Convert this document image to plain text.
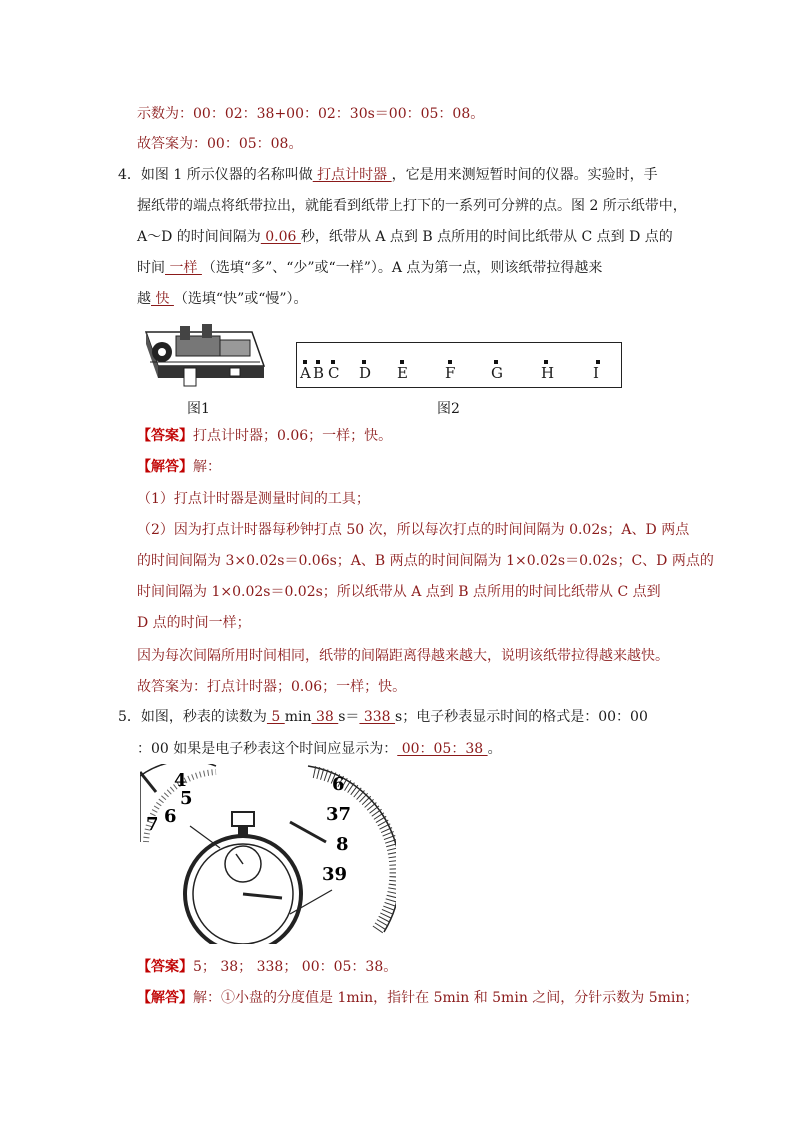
示数为：00：02：38+00：02：30s＝00：05：08。
故答案为：00：05：08。
4．如图 1 所示仪器的名称叫做 打点计时器 ，它是用来测短暂时间的仪器。实验时，手
握纸带的端点将纸带拉出，就能看到纸带上打下的一系列可分辨的点。图 2 所示纸带中，
A～D 的时间间隔为 0.06 秒，纸带从 A 点到 B 点所用的时间比纸带从 C 点到 D 点的
时间 一样 （选填“多”、“少”或“一样”）。A 点为第一点，则该纸带拉得越来
越 快 （选填“快”或“慢”）。
A B C D E F G	H	I
图1	图2
【答案】打点计时器；0.06；一样；快。
【解答】解：
（1）打点计时器是测量时间的工具；
（2）因为打点计时器每秒钟打点 50 次，所以每次打点的时间间隔为 0.02s；A、D 两点
的时间间隔为 3×0.02s＝0.06s；A、B 两点的时间间隔为 1×0.02s＝0.02s；C、D 两点的
时间间隔为 1×0.02s＝0.02s；所以纸带从 A 点到 B 点所用的时间比纸带从 C 点到
D 点的时间一样；
因为每次间隔所用时间相同，纸带的间隔距离得越来越大，说明该纸带拉得越来越快。
故答案为：打点计时器；0.06；一样；快。
5．如图，秒表的读数为 5 min 38 s＝ 338 s；电子秒表显示时间的格式是：00：00
：00 如果是电子秒表这个时间应显示为： 00：05：38 。
4
5
6
7
6
37
8
39
【答案】5； 38； 338； 00：05：38。
【解答】解：①小盘的分度值是 1min，指针在 5min 和 5min 之间，分针示数为 5min；
